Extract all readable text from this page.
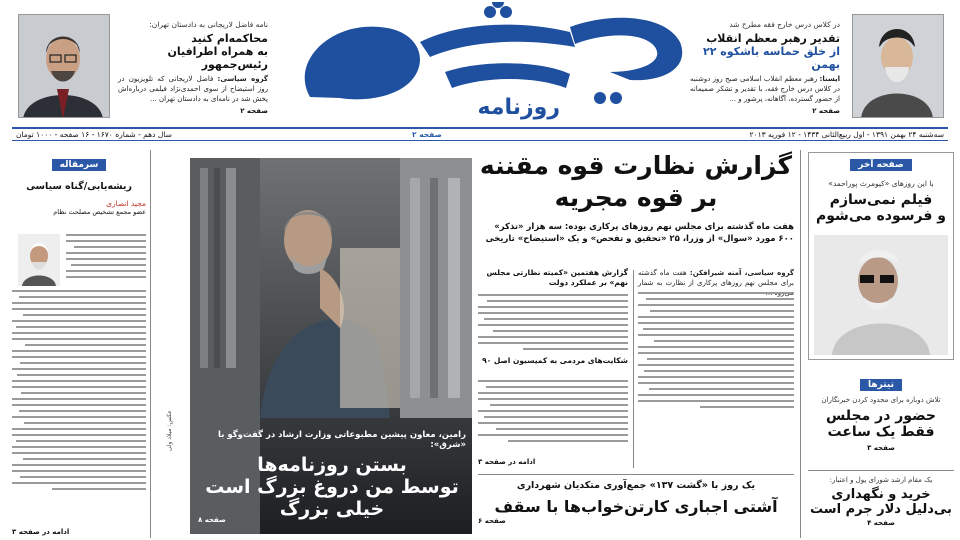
روزنامه
در کلاس درس خارج فقه مطرح شد
تقدیر رهبر معظم انقلاب
از خلق حماسه باشکوه ۲۲ بهمن
ایسنا: رهبر معظم انقلاب اسلامی صبح روز دوشنبه در کلاس درس خارج فقه، با تقدیر و تشکر صمیمانه از حضور گسترده، آگاهانه، پرشور و ...
صفحه ۲
نامه فاضل لاریجانی به دادستان تهران:
محاکمه‌ام کنید
به همراه اطرافیان رئیس‌جمهور
گروه سیاسی: فاضل لاریجانی که تلویزیون در روز استیضاح از سوی احمدی‌نژاد فیلمی درباره‌اش پخش شد در نامه‌ای به دادستان تهران ...
صفحه ۲
سه‌شنبه ۲۴ بهمن ۱۳۹۱ - اول ربیع‌الثانی ۱۴۳۴ - ۱۲ فوریه ۲۰۱۳
صفحه ۲
سال دهم - شماره ۱۶۷۰ - ۱۶ صفحه - ۱۰۰۰ تومان
صفحه آخر
با این روزهای «کیومرث پوراحمد»
فیلم نمی‌سازم
و فرسوده می‌شوم
تیترها
تلاش دوباره برای محدود کردن خبرنگاران
حضور در مجلس
فقط یک ساعت
صفحه ۳
یک مقام ارشد شورای پول و اعتبار:
خرید و نگهداری
بی‌دلیل دلار جرم است
صفحه ۴
گزارش نظارت قوه مقننه
بر قوه مجریه
هفت ماه گذشته برای مجلس نهم روزهای پرکاری بوده: سه هزار «تذکر»
۶۰۰ مورد «سوال» از وزرا، ۲۵ «تحقیق و تفحص» و یک «استیضاح» تاریخی
گروه سیاسی، آمنه شیرافکن: هفت ماه گذشته برای مجلس نهم روزهای پرکاری از نظارت به شمار
گزارش هفتمین «کمیته نظارتی مجلس نهم» بر عملکرد دولت
شکایت‌های مردمی به کمیسیون اصل ۹۰
ادامه در صفحه ۳
یک روز با «گشت ۱۳۷» جمع‌آوری متکدیان شهرداری
آشتی اجباری کارتن‌خواب‌ها با سقف
صفحه ۶
رامین، معاون پیشین مطبوعاتی وزارت ارشاد در گفت‌وگو با «شرق»:
بستن روزنامه‌ها
توسط من دروغ بزرگ است
خیلی بزرگ
صفحه ۸
عکس: میلاد ولی
سرمقاله
ریشه‌یابی/گناه سیاسی
مجید انصاری
عضو مجمع تشخیص مصلحت نظام
ادامه در صفحه ۳
